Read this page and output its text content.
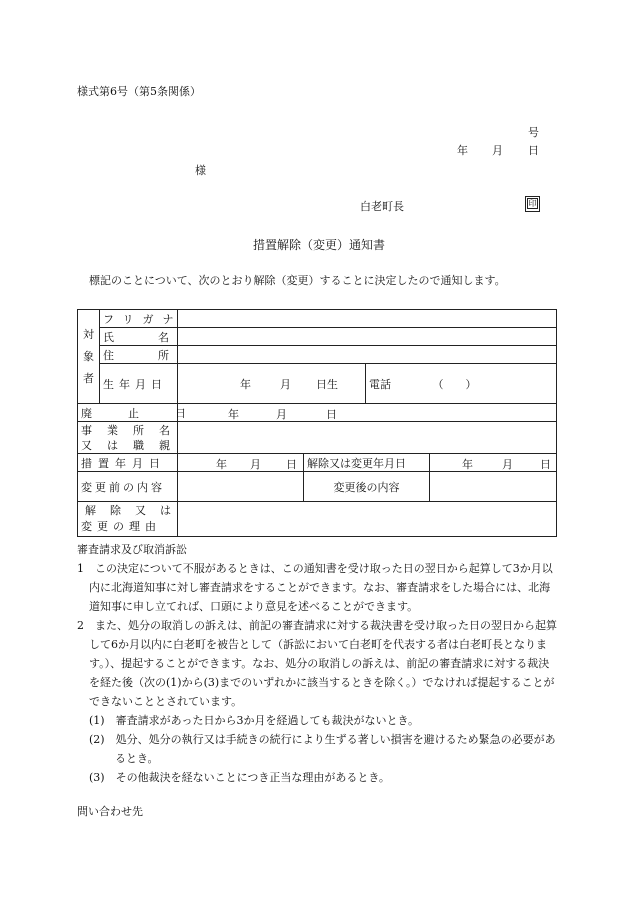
様式第6号（第5条関係）
号
年 月 日
様
白老町長	印
措置解除（変更）通知書
標記のことについて、次のとおり解除（変更）することに決定したので通知します。
対象者	フリガナ				

	氏名				

	住所				

	生年月日	年 月 日生		電話	（　　）

廃止日		年 月 日			

事業所名
又は職親					

措置年月日		年 月 日	解除又は変更年月日		年 月 日

変更前の内容			変更後の内容		

解除又は
変更の理由					

審査請求及び取消訴訟

1　 この決定について不服があるときは、この通知書を受け取った日の翌日から起算して3か月以内に北海道知事に対し審査請求をすることができます。なお、審査請求をした場合には、北海道知事に申し立てれば、口頭により意見を述べることができます。

2　 また、処分の取消しの訴えは、前記の審査請求に対する裁決書を受け取った日の翌日から起算して6か月以内に白老町を被告として（訴訟において白老町を代表する者は白老町長となります。）、提起することができます。なお、処分の取消しの訴えは、前記の審査請求に対する裁決を経た後（次の(1)から(3)までのいずれかに該当するときを除く。）でなければ提起することができないこととされています。

(1)　 審査請求があった日から3か月を経過しても裁決がないとき。

(2)　 処分、処分の執行又は手続きの続行により生ずる著しい損害を避けるため緊急の必要があるとき。

(3)　 その他裁決を経ないことにつき正当な理由があるとき。

問い合わせ先
